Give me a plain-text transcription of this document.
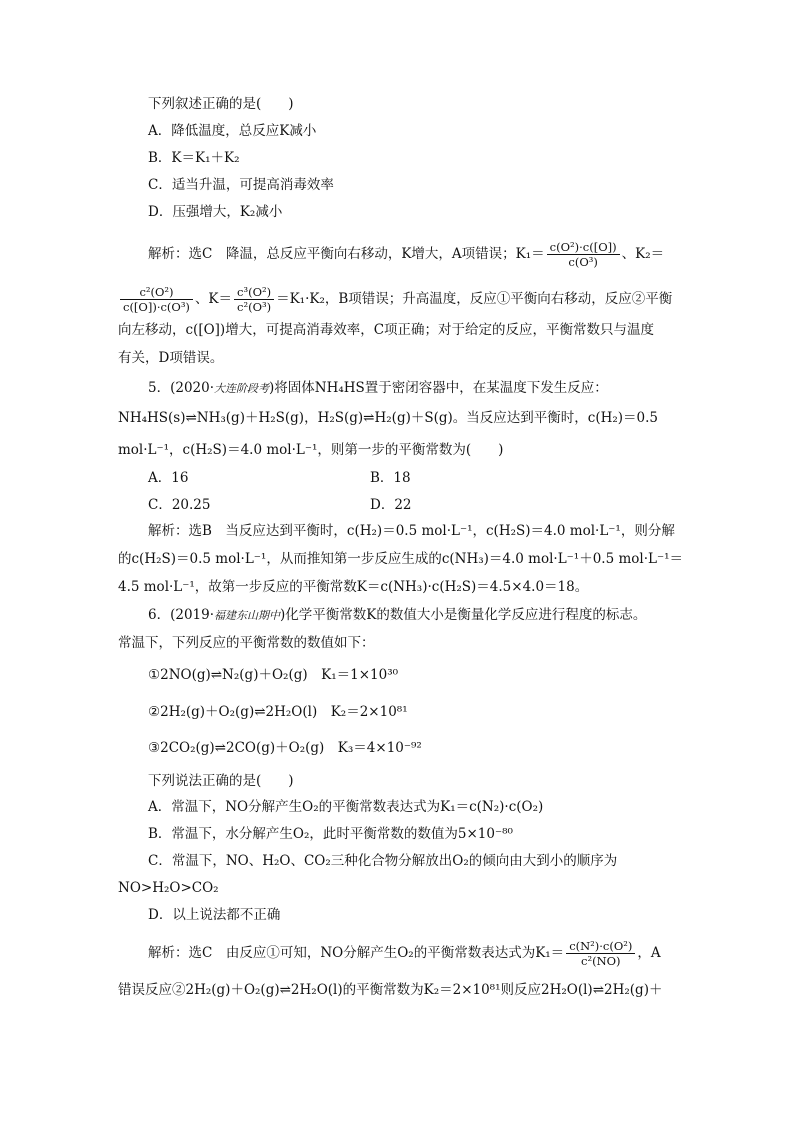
下列叙述正确的是(　　)
A．降低温度，总反应K减小
B．K＝K₁＋K₂
C．适当升温，可提高消毒效率
D．压强增大，K₂减小
解析：选C　降温，总反应平衡向右移动，K增大，A项错误；$K_1= \frac{\text{c(O²)·c([O])}}{\text{c(O³)}}$ 、K₂＝
$\frac{\text{c²(O²)}}{\text{c([O])·c(O³)}}$ 、$K= \frac{\text{c³(O²)}}{\text{c²(O³)}} =K_1\cdot K_2$，B项错误；升高温度，反应①平衡向右移动，反应②平衡
向左移动，c([O])增大，可提高消毒效率，C项正确；对于给定的反应，平衡常数只与温度
有关，D项错误。
5．(2020·大连阶段考)将固体NH₄HS置于密闭容器中，在某温度下发生反应：
NH₄HS(s)⇌NH₃(g)＋H₂S(g)，H₂S(g)⇌H₂(g)＋S(g)。当反应达到平衡时，c(H₂)＝0.5
mol·L⁻¹，c(H₂S)＝4.0 mol·L⁻¹，则第一步的平衡常数为(　　)
A．16	B．18
C．20.25	D．22
解析：选B　当反应达到平衡时，c(H₂)＝0.5 mol·L⁻¹，c(H₂S)＝4.0 mol·L⁻¹，则分解
的c(H₂S)＝0.5 mol·L⁻¹，从而推知第一步反应生成的c(NH₃)＝4.0 mol·L⁻¹＋0.5 mol·L⁻¹＝
4.5 mol·L⁻¹，故第一步反应的平衡常数K＝c(NH₃)·c(H₂S)＝4.5×4.0＝18。
6．(2019·福建东山期中)化学平衡常数K的数值大小是衡量化学反应进行程度的标志。
常温下，下列反应的平衡常数的数值如下：
①2NO(g)⇌N₂(g)＋O₂(g)　K₁＝1×10³⁰
②2H₂(g)＋O₂(g)⇌2H₂O(l)　K₂＝2×10⁸¹
③2CO₂(g)⇌2CO(g)＋O₂(g)　K₃＝4×10⁻⁹²
下列说法正确的是(　　)
A．常温下，NO分解产生O₂的平衡常数表达式为K₁＝c(N₂)·c(O₂)
B．常温下，水分解产生O₂，此时平衡常数的数值为5×10⁻⁸⁰
C．常温下，NO、H₂O、CO₂三种化合物分解放出O₂的倾向由大到小的顺序为
NO>H₂O>CO₂
D．以上说法都不正确
解析：选C　由反应①可知，NO分解产生O₂的平衡常数表达式为$K_1= \frac{\text{c(N²)·c(O²)}}{\text{c²(NO)}}$ ，A
错误反应②2H₂(g)＋O₂(g)⇌2H₂O(l)的平衡常数为K₂＝2×10⁸¹则反应2H₂O(l)⇌2H₂(g)＋
